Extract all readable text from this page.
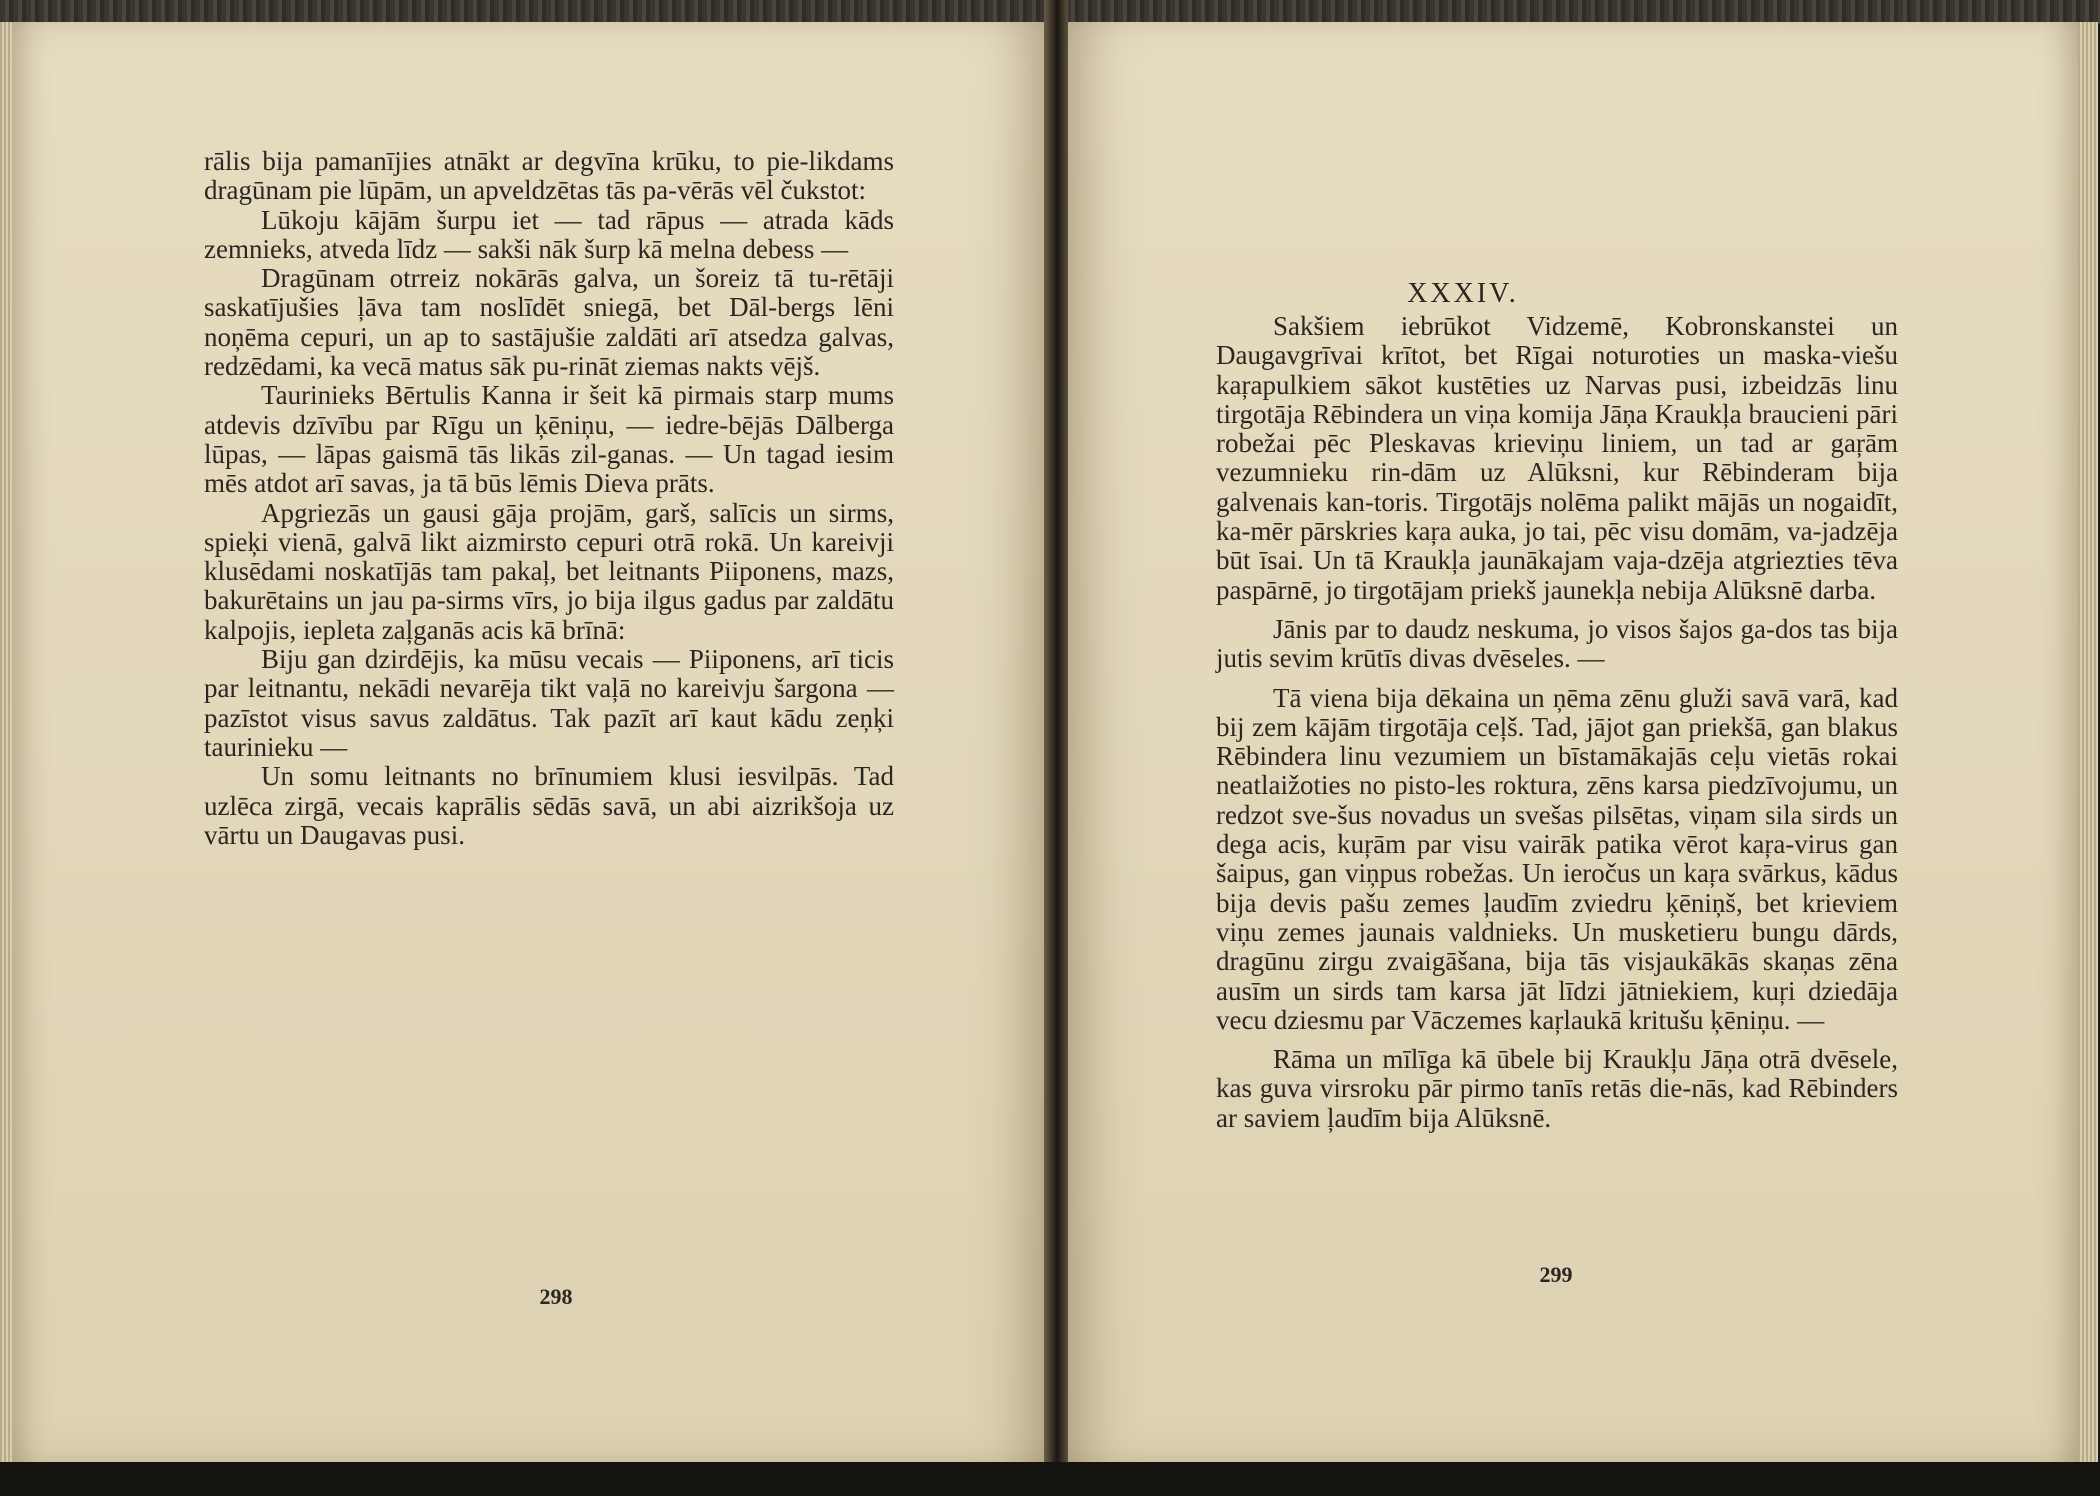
rālis bija pamanījies atnākt ar degvīna krūku, to pie-likdams dragūnam pie lūpām, un apveldzētas tās pa-vērās vēl čukstot:

Lūkoju kājām šurpu iet — tad rāpus — atrada kāds zemnieks, atveda līdz — sakši nāk šurp kā melna debess —

Dragūnam otrreiz nokārās galva, un šoreiz tā tu-rētāji saskatījušies ļāva tam noslīdēt sniegā, bet Dāl-bergs lēni noņēma cepuri, un ap to sastājušie zaldāti arī atsedza galvas, redzēdami, ka vecā matus sāk pu-rināt ziemas nakts vējš.

Taurinieks Bērtulis Kanna ir šeit kā pirmais starp mums atdevis dzīvību par Rīgu un ķēniņu, — iedre-bējās Dālberga lūpas, — lāpas gaismā tās likās zil-ganas. — Un tagad iesim mēs atdot arī savas, ja tā būs lēmis Dieva prāts.

Apgriezās un gausi gāja projām, garš, salīcis un sirms, spieķi vienā, galvā likt aizmirsto cepuri otrā rokā. Un kareivji klusēdami noskatījās tam pakaļ, bet leitnants Piiponens, mazs, bakurētains un jau pa-sirms vīrs, jo bija ilgus gadus par zaldātu kalpojis, iepleta zaļganās acis kā brīnā:

Biju gan dzirdējis, ka mūsu vecais — Piiponens, arī ticis par leitnantu, nekādi nevarēja tikt vaļā no kareivju šargona — pazīstot visus savus zaldātus. Tak pazīt arī kaut kādu zeņķi taurinieku —

Un somu leitnants no brīnumiem klusi iesvilpās. Tad uzlēca zirgā, vecais kaprālis sēdās savā, un abi aizrikšoja uz vārtu un Daugavas pusi.

298

Sakšiem iebrūkot Vidzemē, Kobronskanstei un Daugavgrīvai krītot, bet Rīgai noturoties un maska-viešu kaŗapulkiem sākot kustēties uz Narvas pusi, izbeidzās linu tirgotāja Rēbindera un viņa komija Jāņa Kraukļa braucieni pāri robežai pēc Pleskavas krieviņu liniem, un tad ar gaŗām vezumnieku rin-dām uz Alūksni, kur Rēbinderam bija galvenais kan-toris. Tirgotājs nolēma palikt mājās un nogaidīt, ka-mēr pārskries kaŗa auka, jo tai, pēc visu domām, va-jadzēja būt īsai. Un tā Kraukļa jaunākajam vaja-dzēja atgriezties tēva paspārnē, jo tirgotājam priekš jaunekļa nebija Alūksnē darba.

Jānis par to daudz neskuma, jo visos šajos ga-dos tas bija jutis sevim krūtīs divas dvēseles. —

Tā viena bija dēkaina un ņēma zēnu gluži savā varā, kad bij zem kājām tirgotāja ceļš. Tad, jājot gan priekšā, gan blakus Rēbindera linu vezumiem un bīstamākajās ceļu vietās rokai neatlaižoties no pisto-les roktura, zēns karsa piedzīvojumu, un redzot sve-šus novadus un svešas pilsētas, viņam sila sirds un dega acis, kuŗām par visu vairāk patika vērot kaŗa-virus gan šaipus, gan viņpus robežas. Un ieročus un kaŗa svārkus, kādus bija devis pašu zemes ļaudīm zviedru ķēniņš, bet krieviem viņu zemes jaunais valdnieks. Un musketieru bungu dārds, dragūnu zirgu zvaigāšana, bija tās visjaukākās skaņas zēna ausīm un sirds tam karsa jāt līdzi jātniekiem, kuŗi dziedāja vecu dziesmu par Vāczemes kaŗlaukā kritušu ķēniņu. —

Rāma un mīlīga kā ūbele bij Kraukļu Jāņa otrā dvēsele, kas guva virsroku pār pirmo tanīs retās die-nās, kad Rēbinders ar saviem ļaudīm bija Alūksnē.

XXXIV.
299
